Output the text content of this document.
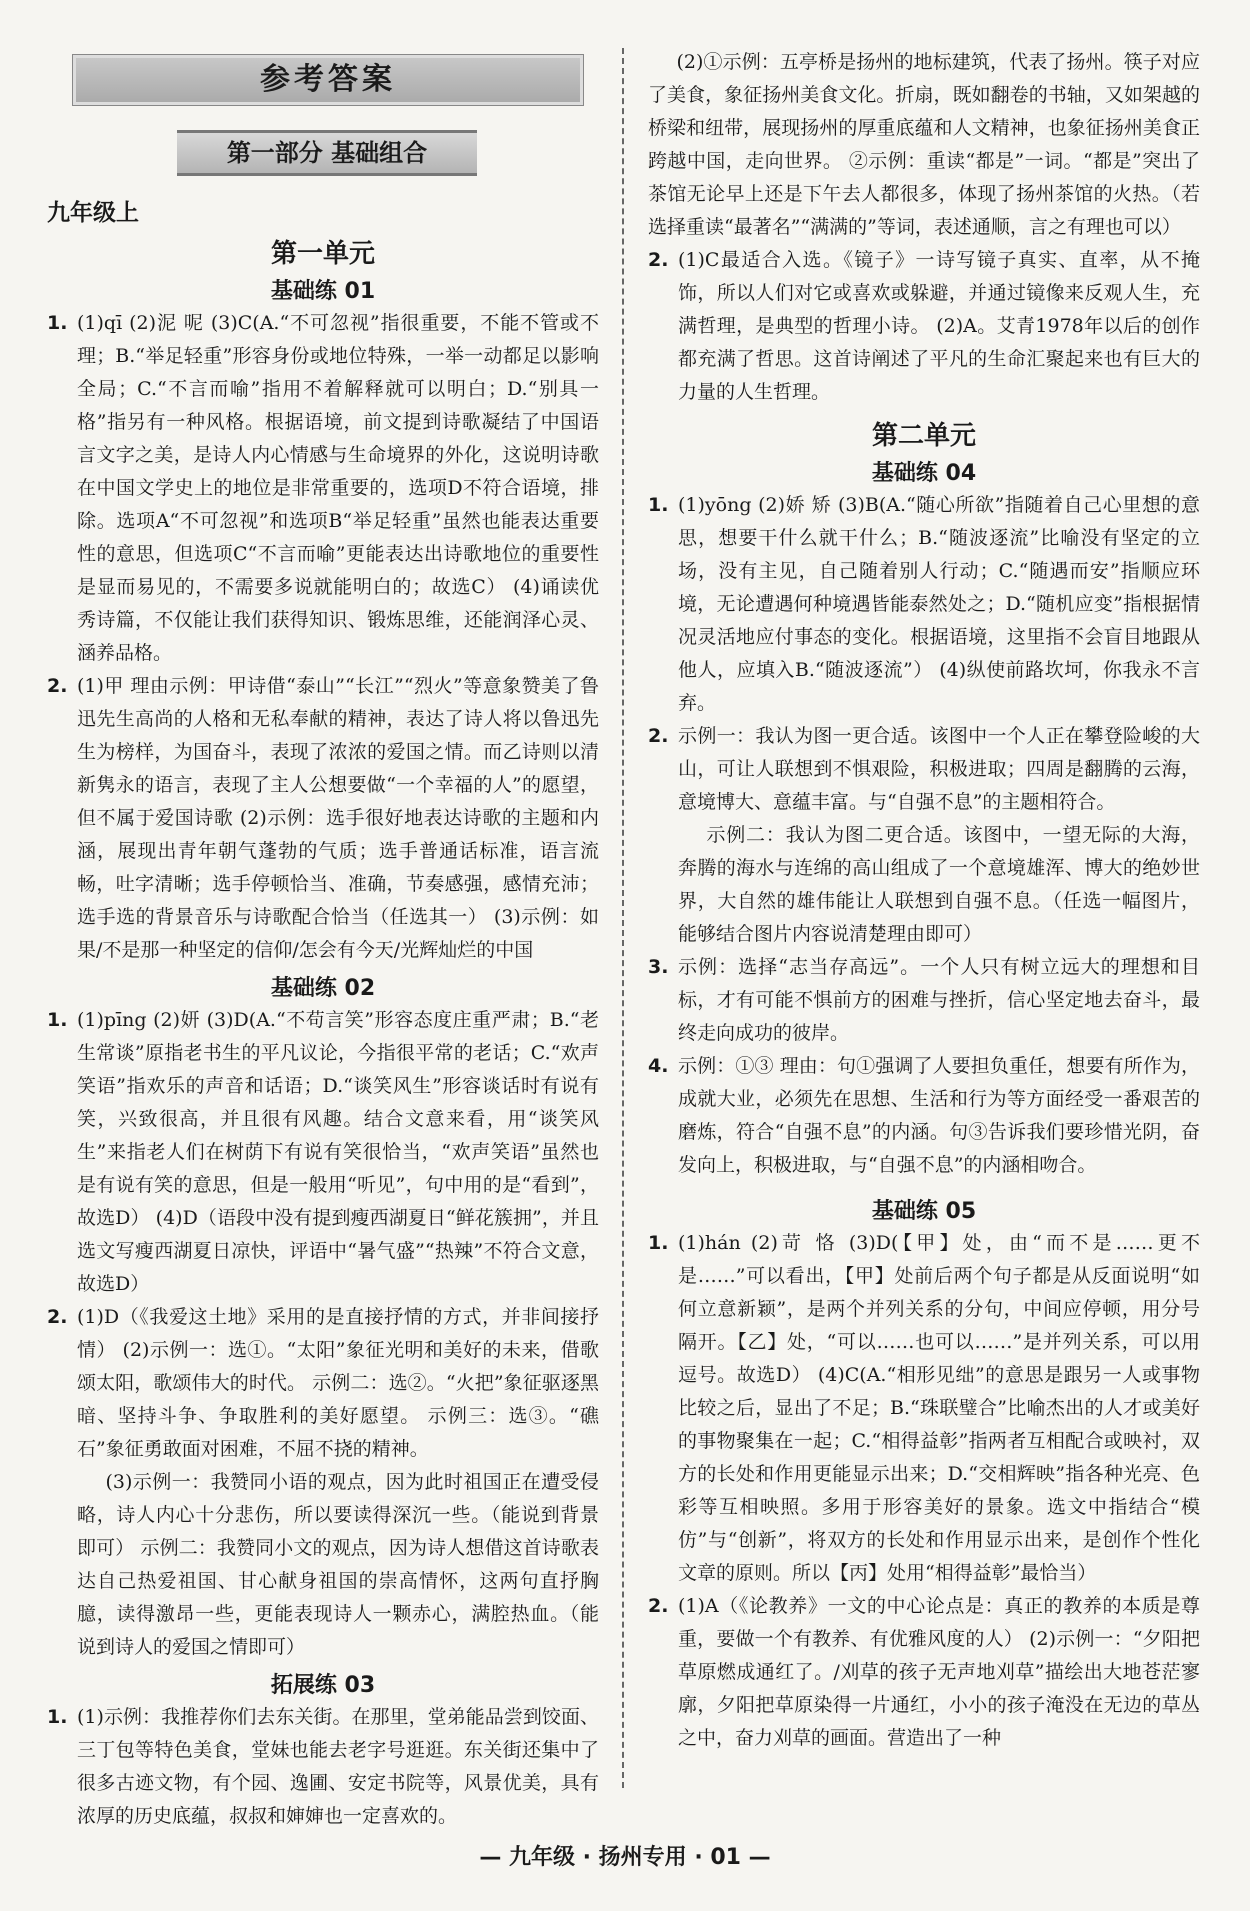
参考答案
第一部分 基础组合
九年级上
第一单元
基础练 01

1. (1)qī (2)泥 呢 (3)C(A.“不可忽视”指很重要，不能不管或不理；B.“举足轻重”形容身份或地位特殊，一举一动都足以影响全局；C.“不言而喻”指用不着解释就可以明白；D.“别具一格”指另有一种风格。根据语境，前文提到诗歌凝结了中国语言文字之美，是诗人内心情感与生命境界的外化，这说明诗歌在中国文学史上的地位是非常重要的，选项D不符合语境，排除。选项A“不可忽视”和选项B“举足轻重”虽然也能表达重要性的意思，但选项C“不言而喻”更能表达出诗歌地位的重要性是显而易见的，不需要多说就能明白的；故选C） (4)诵读优秀诗篇，不仅能让我们获得知识、锻炼思维，还能润泽心灵、涵养品格。

2. (1)甲 理由示例：甲诗借“泰山”“长江”“烈火”等意象赞美了鲁迅先生高尚的人格和无私奉献的精神，表达了诗人将以鲁迅先生为榜样，为国奋斗，表现了浓浓的爱国之情。而乙诗则以清新隽永的语言，表现了主人公想要做“一个幸福的人”的愿望，但不属于爱国诗歌 (2)示例：选手很好地表达诗歌的主题和内涵，展现出青年朝气蓬勃的气质；选手普通话标准，语言流畅，吐字清晰；选手停顿恰当、准确，节奏感强，感情充沛；选手选的背景音乐与诗歌配合恰当（任选其一） (3)示例：如果/不是那一种坚定的信仰/怎会有今天/光辉灿烂的中国

基础练 02

1. (1)pīng (2)妍 (3)D(A.“不苟言笑”形容态度庄重严肃；B.“老生常谈”原指老书生的平凡议论，今指很平常的老话；C.“欢声笑语”指欢乐的声音和话语；D.“谈笑风生”形容谈话时有说有笑，兴致很高，并且很有风趣。结合文意来看，用“谈笑风生”来指老人们在树荫下有说有笑很恰当，“欢声笑语”虽然也是有说有笑的意思，但是一般用“听见”，句中用的是“看到”，故选D） (4)D（语段中没有提到瘦西湖夏日“鲜花簇拥”，并且选文写瘦西湖夏日凉快，评语中“暑气盛”“热辣”不符合文意，故选D）

2. (1)D（《我爱这土地》采用的是直接抒情的方式，并非间接抒情） (2)示例一：选①。“太阳”象征光明和美好的未来，借歌颂太阳，歌颂伟大的时代。 示例二：选②。“火把”象征驱逐黑暗、坚持斗争、争取胜利的美好愿望。 示例三：选③。“礁石”象征勇敢面对困难，不屈不挠的精神。

(3)示例一：我赞同小语的观点，因为此时祖国正在遭受侵略，诗人内心十分悲伤，所以要读得深沉一些。（能说到背景即可） 示例二：我赞同小文的观点，因为诗人想借这首诗歌表达自己热爱祖国、甘心献身祖国的崇高情怀，这两句直抒胸臆，读得激昂一些，更能表现诗人一颗赤心，满腔热血。（能说到诗人的爱国之情即可）

拓展练 03

1. (1)示例：我推荐你们去东关街。在那里，堂弟能品尝到饺面、三丁包等特色美食，堂妹也能去老字号逛逛。东关街还集中了很多古迹文物，有个园、逸圃、安定书院等，风景优美，具有浓厚的历史底蕴，叔叔和婶婶也一定喜欢的。

(2)①示例：五亭桥是扬州的地标建筑，代表了扬州。筷子对应了美食，象征扬州美食文化。折扇，既如翻卷的书轴，又如架越的桥梁和纽带，展现扬州的厚重底蕴和人文精神，也象征扬州美食正跨越中国，走向世界。 ②示例：重读“都是”一词。“都是”突出了茶馆无论早上还是下午去人都很多，体现了扬州茶馆的火热。（若选择重读“最著名”“满满的”等词，表述通顺，言之有理也可以）

2. (1)C最适合入选。《镜子》一诗写镜子真实、直率，从不掩饰，所以人们对它或喜欢或躲避，并通过镜像来反观人生，充满哲理，是典型的哲理小诗。 (2)A。艾青1978年以后的创作都充满了哲思。这首诗阐述了平凡的生命汇聚起来也有巨大的力量的人生哲理。

第二单元
基础练 04

1. (1)yōng (2)娇 矫 (3)B(A.“随心所欲”指随着自己心里想的意思，想要干什么就干什么；B.“随波逐流”比喻没有坚定的立场，没有主见，自己随着别人行动；C.“随遇而安”指顺应环境，无论遭遇何种境遇皆能泰然处之；D.“随机应变”指根据情况灵活地应付事态的变化。根据语境，这里指不会盲目地跟从他人，应填入B.“随波逐流”） (4)纵使前路坎坷，你我永不言弃。

2. 示例一：我认为图一更合适。该图中一个人正在攀登险峻的大山，可让人联想到不惧艰险，积极进取；四周是翻腾的云海，意境博大、意蕴丰富。与“自强不息”的主题相符合。

示例二：我认为图二更合适。该图中，一望无际的大海，奔腾的海水与连绵的高山组成了一个意境雄浑、博大的绝妙世界，大自然的雄伟能让人联想到自强不息。（任选一幅图片，能够结合图片内容说清楚理由即可）

3. 示例：选择“志当存高远”。一个人只有树立远大的理想和目标，才有可能不惧前方的困难与挫折，信心坚定地去奋斗，最终走向成功的彼岸。

4. 示例：①③ 理由：句①强调了人要担负重任，想要有所作为，成就大业，必须先在思想、生活和行为等方面经受一番艰苦的磨炼，符合“自强不息”的内涵。句③告诉我们要珍惜光阴，奋发向上，积极进取，与“自强不息”的内涵相吻合。

基础练 05

1. (1)hán (2)苛 恪 (3)D(【甲】处，由“而不是……更不是……”可以看出，【甲】处前后两个句子都是从反面说明“如何立意新颖”，是两个并列关系的分句，中间应停顿，用分号隔开。【乙】处，“可以……也可以……”是并列关系，可以用逗号。故选D） (4)C(A.“相形见绌”的意思是跟另一人或事物比较之后，显出了不足；B.“珠联璧合”比喻杰出的人才或美好的事物聚集在一起；C.“相得益彰”指两者互相配合或映衬，双方的长处和作用更能显示出来；D.“交相辉映”指各种光亮、色彩等互相映照。多用于形容美好的景象。选文中指结合“模仿”与“创新”，将双方的长处和作用显示出来，是创作个性化文章的原则。所以【丙】处用“相得益彰”最恰当）

2. (1)A（《论教养》一文的中心论点是：真正的教养的本质是尊重，要做一个有教养、有优雅风度的人） (2)示例一：“夕阳把草原燃成通红了。/刈草的孩子无声地刈草”描绘出大地苍茫寥廓，夕阳把草原染得一片通红，小小的孩子淹没在无边的草丛之中，奋力刈草的画面。营造出了一种

— 九年级 · 扬州专用 · 01 —
